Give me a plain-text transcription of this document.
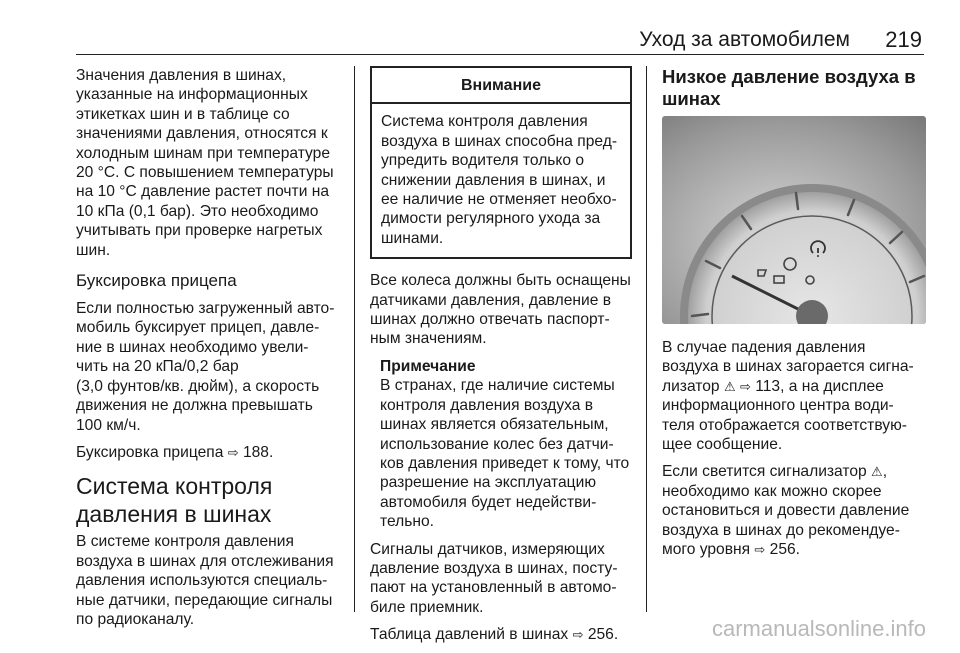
Уход за автомобилем 219

Значения давления в шинах,
указанные на информационных
этикетках шин и в таблице со
значениями давления, относятся к
холодным шинам при температуре
20 °С. С повышением температуры
на 10 °С давление растет почти на
10 кПа (0,1 бар). Это необходимо
учитывать при проверке нагретых
шин.

Буксировка прицепа

Если полностью загруженный авто-
мобиль буксирует прицеп, давле-
ние в шинах необходимо увели-
чить на 20 кПа/0,2 бар
(3,0 фунтов/кв. дюйм), а скорость
движения не должна превышать
100 км/ч.

Буксировка прицепа ⇨ 188.

Система контроля
давления в шинах

В системе контроля давления
воздуха в шинах для отслеживания
давления используются специаль-
ные датчики, передающие сигналы
по радиоканалу.

Внимание
Система контроля давления
воздуха в шинах способна пред-
упредить водителя только о
снижении давления в шинах, и
ее наличие не отменяет необхо-
димости регулярного ухода за
шинами.

Все колеса должны быть оснащены
датчиками давления, давление в
шинах должно отвечать паспорт-
ным значениям.

Примечание
В странах, где наличие системы
контроля давления воздуха в
шинах является обязательным,
использование колес без датчи-
ков давления приведет к тому, что
разрешение на эксплуатацию
автомобиля будет недействи-
тельно.

Сигналы датчиков, измеряющих
давление воздуха в шинах, посту-
пают на установленный в автомо-
биле приемник.

Таблица давлений в шинах ⇨ 256.

Низкое давление воздуха в
шинах

В случае падения давления
воздуха в шинах загорается сигна-
лизатор ⚠ ⇨ 113, а на дисплее
информационного центра води-
теля отображается соответствую-
щее сообщение.

Если светится сигнализатор ⚠,
необходимо как можно скорее
остановиться и довести давление
воздуха в шинах до рекомендуе-
мого уровня ⇨ 256.

carmanualsonline.info
